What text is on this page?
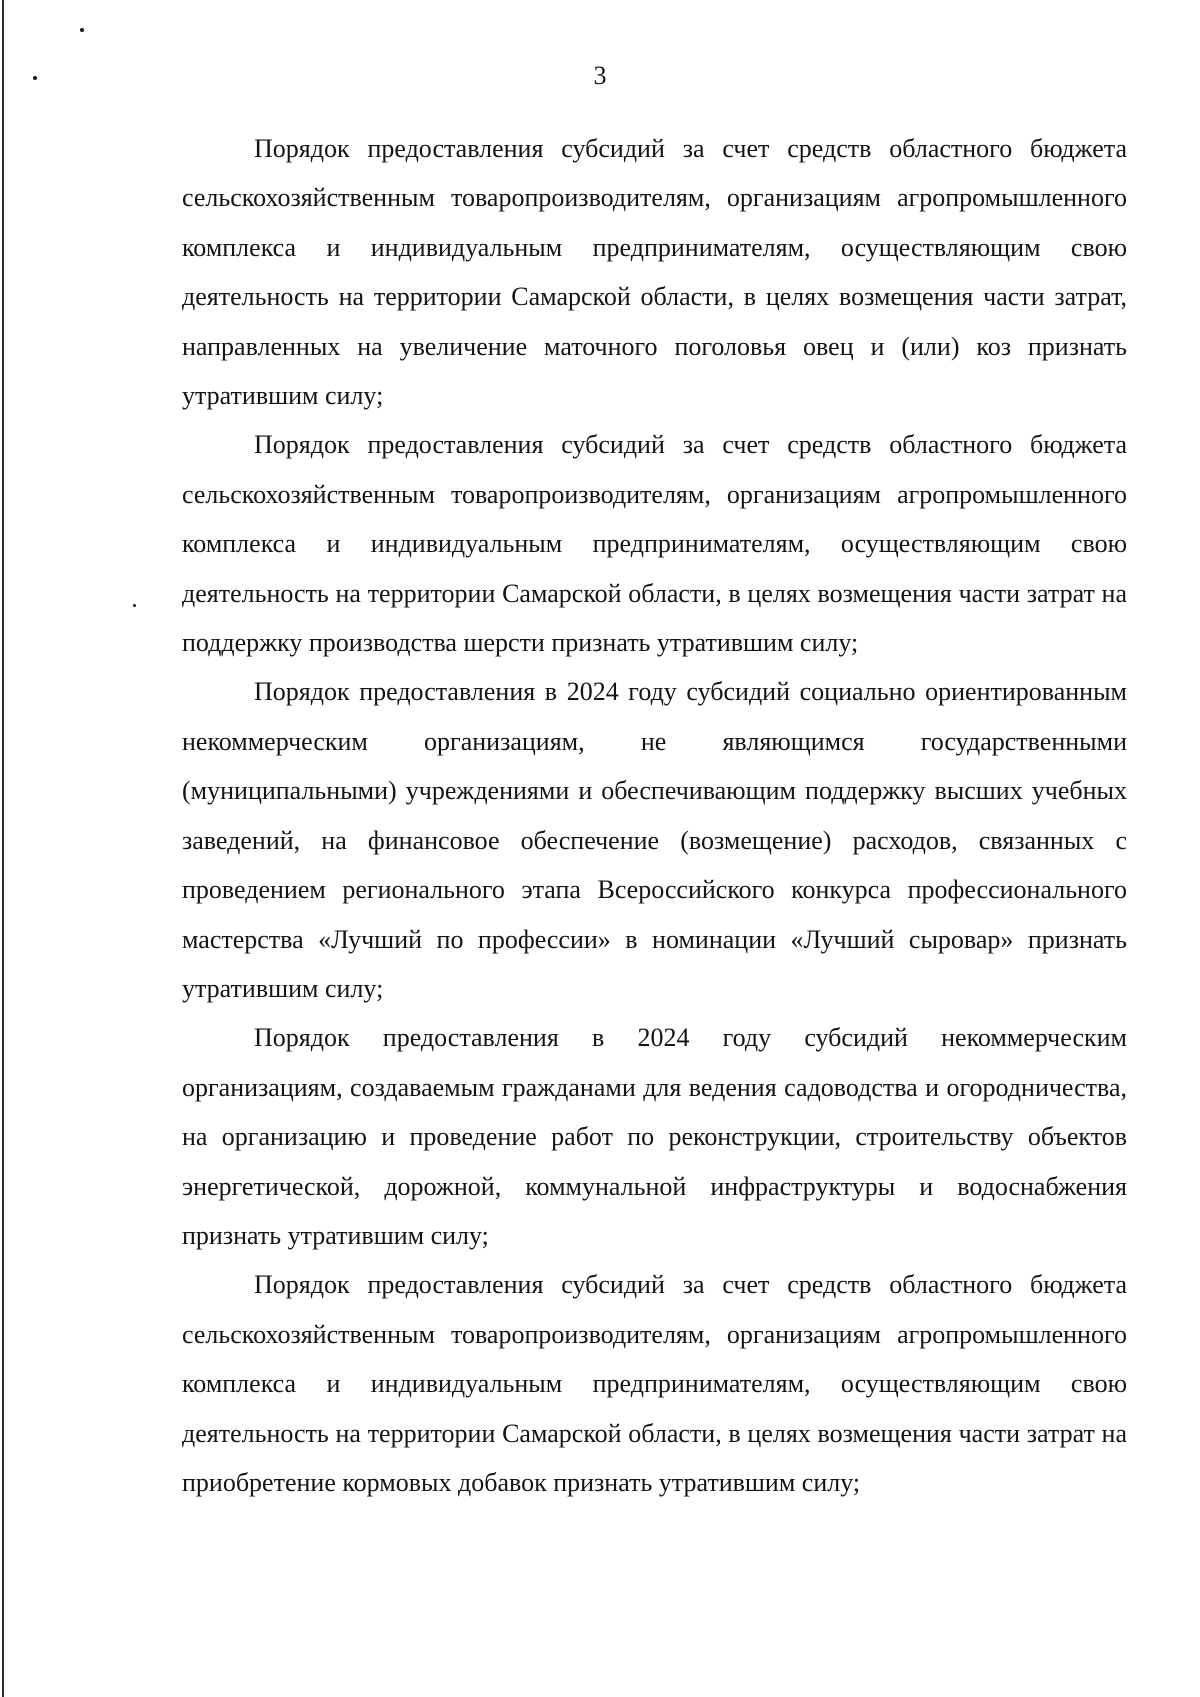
3

Порядок предоставления субсидий за счет средств областного бюджета сельскохозяйственным товаропроизводителям, организациям агропромышленного комплекса и индивидуальным предпринимателям, осуществляющим свою деятельность на территории Самарской области, в целях возмещения части затрат, направленных на увеличение маточного поголовья овец и (или) коз признать утратившим силу;

Порядок предоставления субсидий за счет средств областного бюджета сельскохозяйственным товаропроизводителям, организациям агропромышленного комплекса и индивидуальным предпринимателям, осуществляющим свою деятельность на территории Самарской области, в целях возмещения части затрат на поддержку производства шерсти признать утратившим силу;

Порядок предоставления в 2024 году субсидий социально ориентированным некоммерческим организациям, не являющимся государственными (муниципальными) учреждениями и обеспечивающим поддержку высших учебных заведений, на финансовое обеспечение (возмещение) расходов, связанных с проведением регионального этапа Всероссийского конкурса профессионального мастерства «Лучший по профессии» в номинации «Лучший сыровар» признать утратившим силу;

Порядок предоставления в 2024 году субсидий некоммерческим организациям, создаваемым гражданами для ведения садоводства и огородничества, на организацию и проведение работ по реконструкции, строительству объектов энергетической, дорожной, коммунальной инфраструктуры и водоснабжения признать утратившим силу;

Порядок предоставления субсидий за счет средств областного бюджета сельскохозяйственным товаропроизводителям, организациям агропромышленного комплекса и индивидуальным предпринимателям, осуществляющим свою деятельность на территории Самарской области, в целях возмещения части затрат на приобретение кормовых добавок признать утратившим силу;
